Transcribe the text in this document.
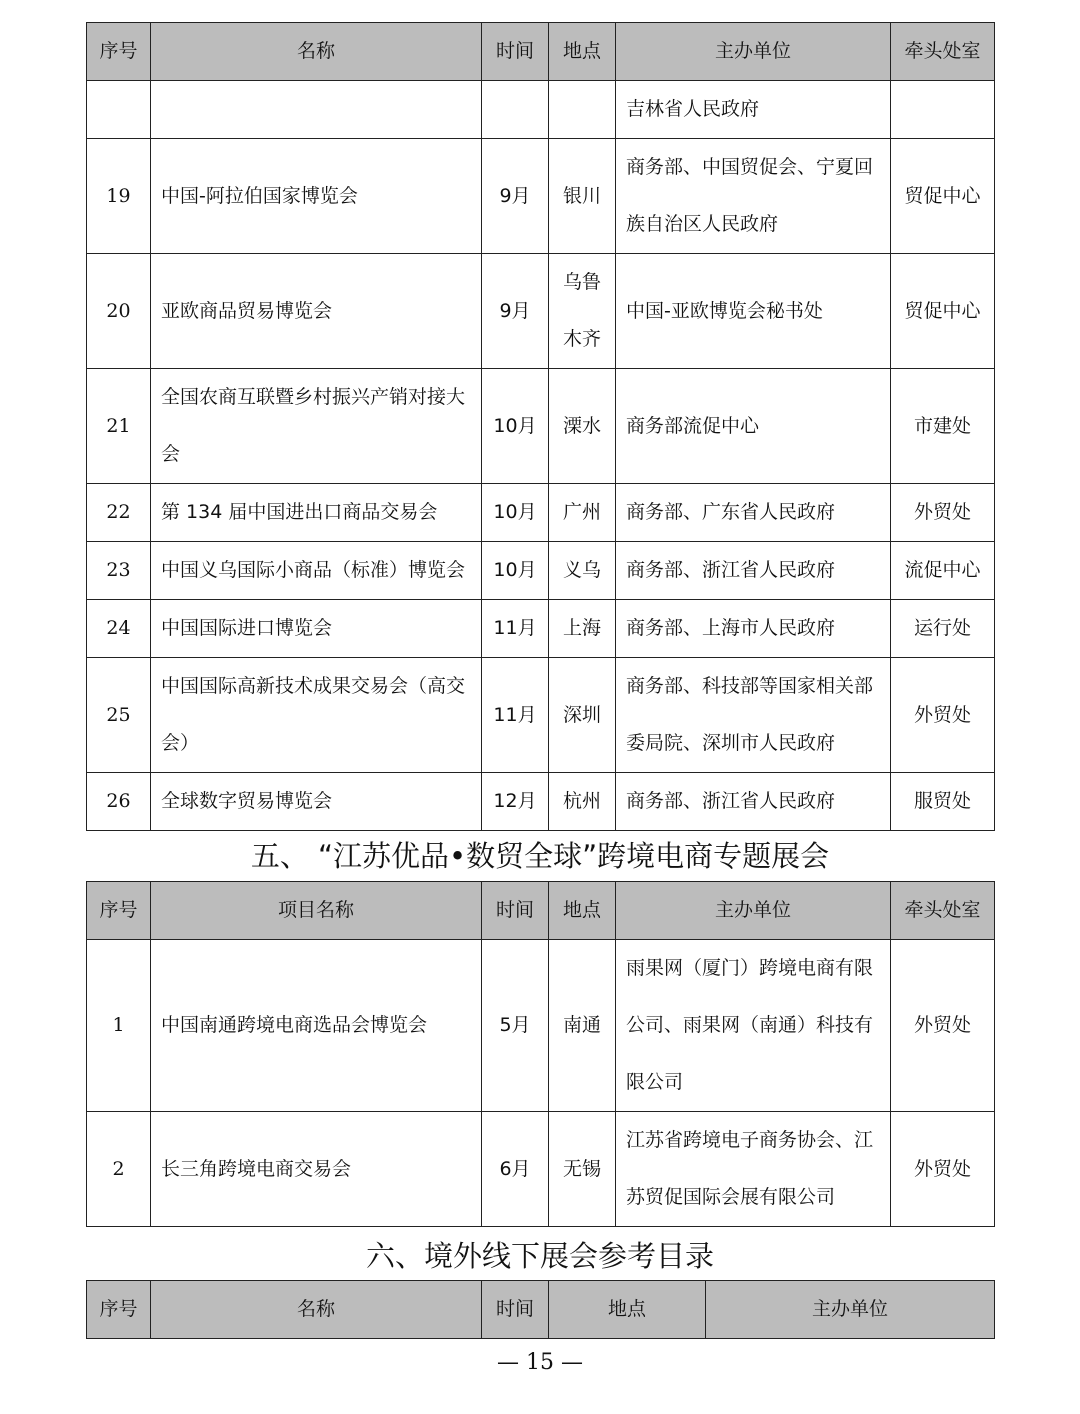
序号	名称	时间	地点	主办单位	牵头处室
				吉林省人民政府	
19	中国-阿拉伯国家博览会	9月	银川	商务部、中国贸促会、宁夏回族自治区人民政府	贸促中心
20	亚欧商品贸易博览会	9月	乌鲁木齐	中国-亚欧博览会秘书处	贸促中心
21	全国农商互联暨乡村振兴产销对接大会	10月	溧水	商务部流促中心	市建处
22	第 134 届中国进出口商品交易会	10月	广州	商务部、广东省人民政府	外贸处
23	中国义乌国际小商品（标准）博览会	10月	义乌	商务部、浙江省人民政府	流促中心
24	中国国际进口博览会	11月	上海	商务部、上海市人民政府	运行处
25	中国国际高新技术成果交易会（高交会）	11月	深圳	商务部、科技部等国家相关部委局院、深圳市人民政府	外贸处
26	全球数字贸易博览会	12月	杭州	商务部、浙江省人民政府	服贸处
五、 “江苏优品•数贸全球”跨境电商专题展会
序号	项目名称	时间	地点	主办单位	牵头处室
1	中国南通跨境电商选品会博览会	5月	南通	雨果网（厦门）跨境电商有限公司、雨果网（南通）科技有限公司	外贸处
2	长三角跨境电商交易会	6月	无锡	江苏省跨境电子商务协会、江苏贸促国际会展有限公司	外贸处
六、境外线下展会参考目录
序号	名称	时间	地点	主办单位
— 15 —
